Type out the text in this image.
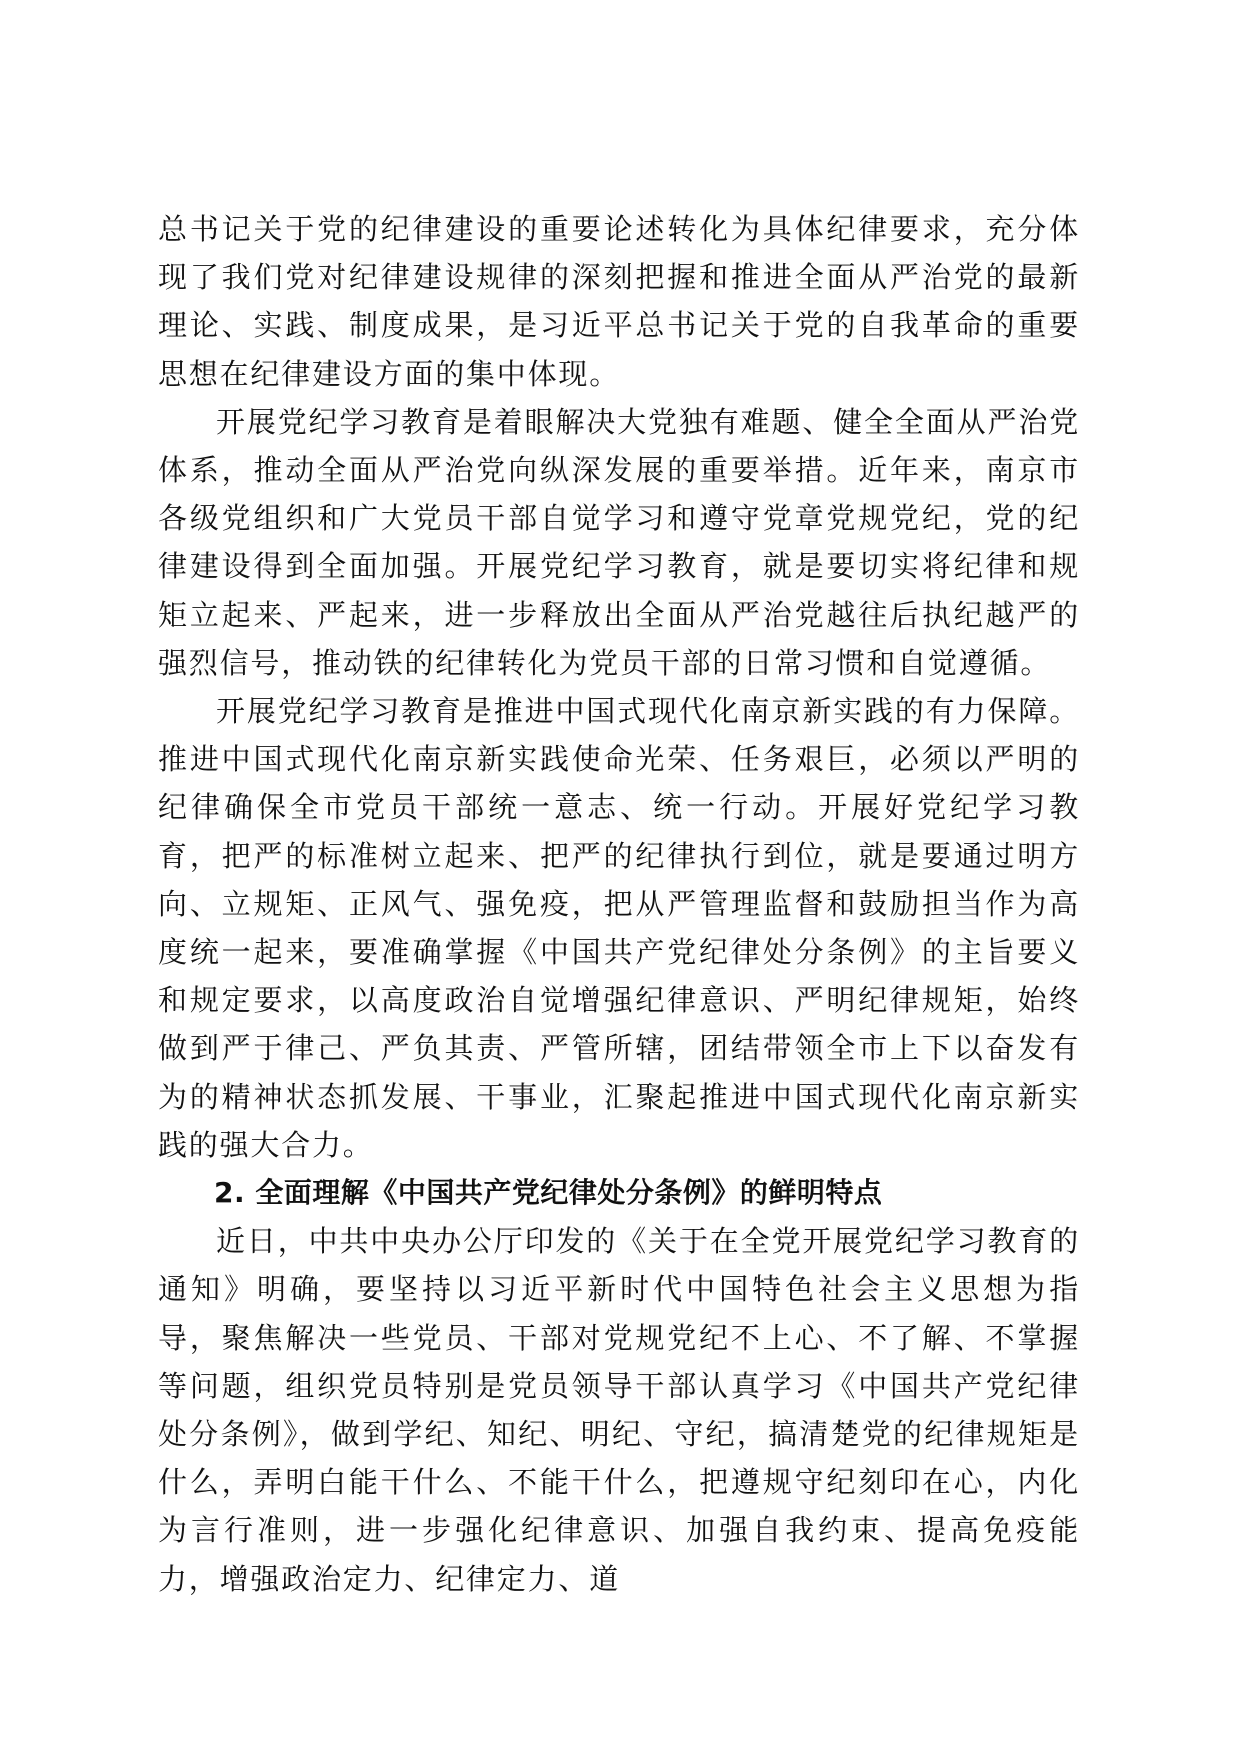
总书记关于党的纪律建设的重要论述转化为具体纪律要求，充分体现了我们党对纪律建设规律的深刻把握和推进全面从严治党的最新理论、实践、制度成果，是习近平总书记关于党的自我革命的重要思想在纪律建设方面的集中体现。

开展党纪学习教育是着眼解决大党独有难题、健全全面从严治党体系，推动全面从严治党向纵深发展的重要举措。近年来，南京市各级党组织和广大党员干部自觉学习和遵守党章党规党纪，党的纪律建设得到全面加强。开展党纪学习教育，就是要切实将纪律和规矩立起来、严起来，进一步释放出全面从严治党越往后执纪越严的强烈信号，推动铁的纪律转化为党员干部的日常习惯和自觉遵循。

开展党纪学习教育是推进中国式现代化南京新实践的有力保障。推进中国式现代化南京新实践使命光荣、任务艰巨，必须以严明的纪律确保全市党员干部统一意志、统一行动。开展好党纪学习教育，把严的标准树立起来、把严的纪律执行到位，就是要通过明方向、立规矩、正风气、强免疫，把从严管理监督和鼓励担当作为高度统一起来，要准确掌握《中国共产党纪律处分条例》的主旨要义和规定要求，以高度政治自觉增强纪律意识、严明纪律规矩，始终做到严于律己、严负其责、严管所辖，团结带领全市上下以奋发有为的精神状态抓发展、干事业，汇聚起推进中国式现代化南京新实践的强大合力。

2. 全面理解《中国共产党纪律处分条例》的鲜明特点

近日，中共中央办公厅印发的《关于在全党开展党纪学习教育的通知》明确，要坚持以习近平新时代中国特色社会主义思想为指导，聚焦解决一些党员、干部对党规党纪不上心、不了解、不掌握等问题，组织党员特别是党员领导干部认真学习《中国共产党纪律处分条例》，做到学纪、知纪、明纪、守纪，搞清楚党的纪律规矩是什么，弄明白能干什么、不能干什么，把遵规守纪刻印在心，内化为言行准则，进一步强化纪律意识、加强自我约束、提高免疫能力，增强政治定力、纪律定力、道
